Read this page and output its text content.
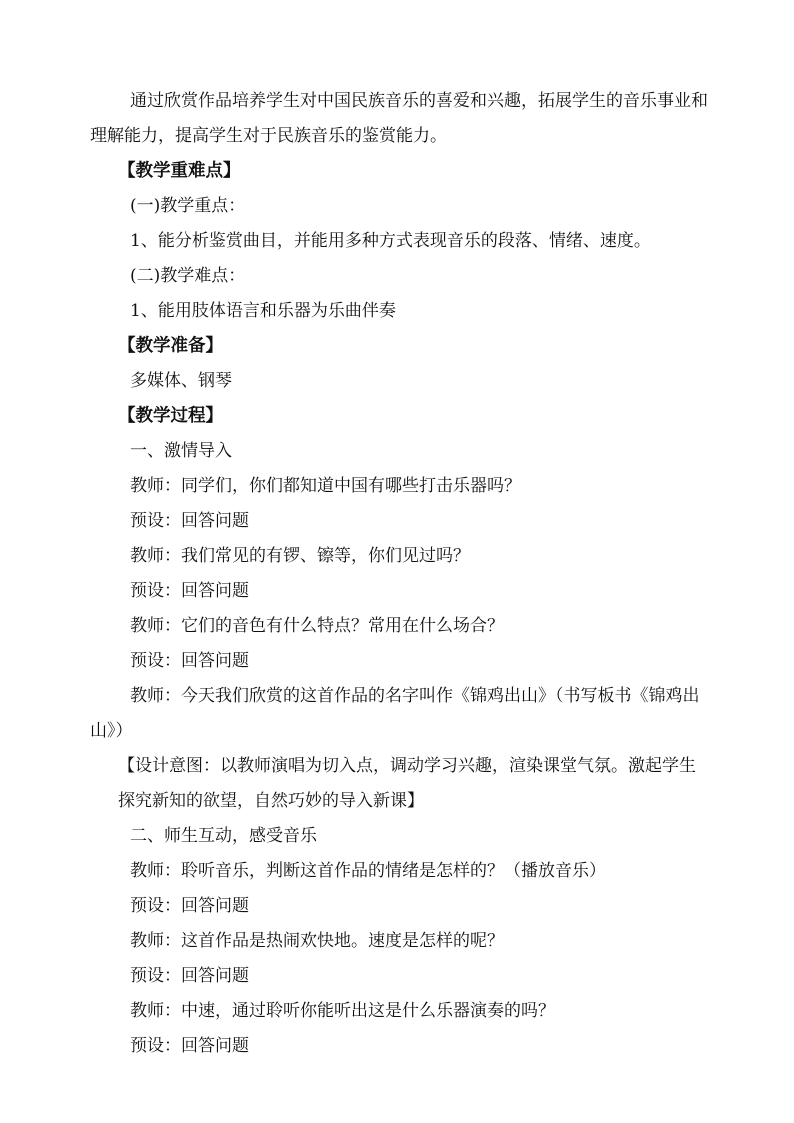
通过欣赏作品培养学生对中国民族音乐的喜爱和兴趣，拓展学生的音乐事业和理解能力，提高学生对于民族音乐的鉴赏能力。
【教学重难点】
(一)教学重点：
1、能分析鉴赏曲目，并能用多种方式表现音乐的段落、情绪、速度。
(二)教学难点：
1、能用肢体语言和乐器为乐曲伴奏
【教学准备】
多媒体、钢琴
【教学过程】
一、激情导入
教师：同学们，你们都知道中国有哪些打击乐器吗？
预设：回答问题
教师：我们常见的有锣、镲等，你们见过吗？
预设：回答问题
教师：它们的音色有什么特点？常用在什么场合？
预设：回答问题
教师：今天我们欣赏的这首作品的名字叫作《锦鸡出山》（书写板书《锦鸡出山》）
【设计意图：以教师演唱为切入点，调动学习兴趣，渲染课堂气氛。激起学生探究新知的欲望，自然巧妙的导入新课】
二、师生互动，感受音乐
教师：聆听音乐，判断这首作品的情绪是怎样的？（播放音乐）
预设：回答问题
教师：这首作品是热闹欢快地。速度是怎样的呢？
预设：回答问题
教师：中速，通过聆听你能听出这是什么乐器演奏的吗？
预设：回答问题
